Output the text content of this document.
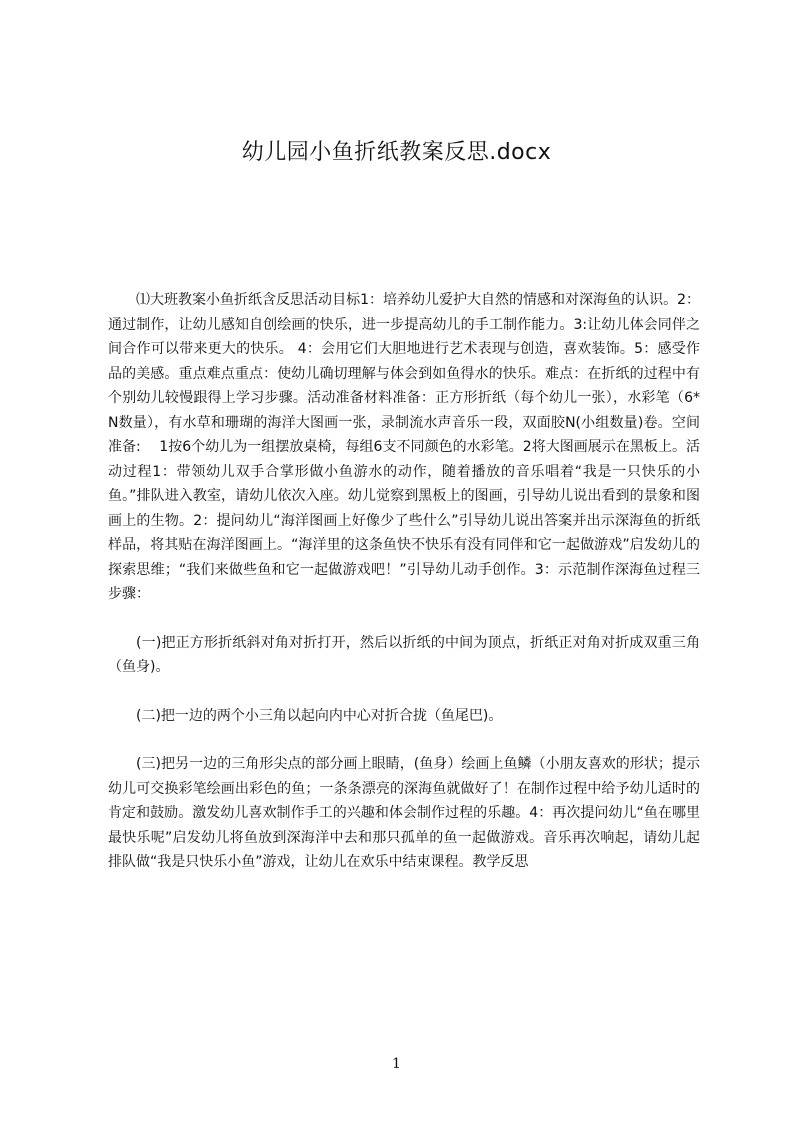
幼儿园小鱼折纸教案反思.docx

⑴大班教案小鱼折纸含反思活动目标1：培养幼儿爱护大自然的情感和对深海鱼的认识。2：通过制作，让幼儿感知自创绘画的快乐，进一步提高幼儿的手工制作能力。3:让幼儿体会同伴之间合作可以带来更大的快乐。 4：会用它们大胆地进行艺术表现与创造，喜欢装饰。5：感受作品的美感。重点难点重点：使幼儿确切理解与体会到如鱼得水的快乐。难点：在折纸的过程中有个别幼儿较慢跟得上学习步骤。活动准备材料准备：正方形折纸（每个幼儿一张），水彩笔（6*N数量），有水草和珊瑚的海洋大图画一张，录制流水声音乐一段，双面胶N(小组数量)卷。空间准备:　 1按6个幼儿为一组摆放桌椅，每组6支不同颜色的水彩笔。2将大图画展示在黑板上。活动过程1：带领幼儿双手合掌形做小鱼游水的动作，随着播放的音乐唱着“我是一只快乐的小鱼。”排队进入教室，请幼儿依次入座。幼儿觉察到黑板上的图画，引导幼儿说出看到的景象和图画上的生物。2：提问幼儿“海洋图画上好像少了些什么”引导幼儿说出答案并出示深海鱼的折纸样品，将其贴在海洋图画上。“海洋里的这条鱼快不快乐有没有同伴和它一起做游戏”启发幼儿的探索思维；“我们来做些鱼和它一起做游戏吧！”引导幼儿动手创作。3：示范制作深海鱼过程三步骤：

(一)把正方形折纸斜对角对折打开，然后以折纸的中间为顶点，折纸正对角对折成双重三角（鱼身)。

(二)把一边的两个小三角以起向内中心对折合拢（鱼尾巴)。

(三)把另一边的三角形尖点的部分画上眼睛，(鱼身）绘画上鱼鳞（小朋友喜欢的形状；提示幼儿可交换彩笔绘画出彩色的鱼；一条条漂亮的深海鱼就做好了！在制作过程中给予幼儿适时的肯定和鼓励。激发幼儿喜欢制作手工的兴趣和体会制作过程的乐趣。4：再次提问幼儿“鱼在哪里最快乐呢”启发幼儿将鱼放到深海洋中去和那只孤单的鱼一起做游戏。音乐再次响起，请幼儿起排队做“我是只快乐小鱼”游戏，让幼儿在欢乐中结束课程。教学反思

1
